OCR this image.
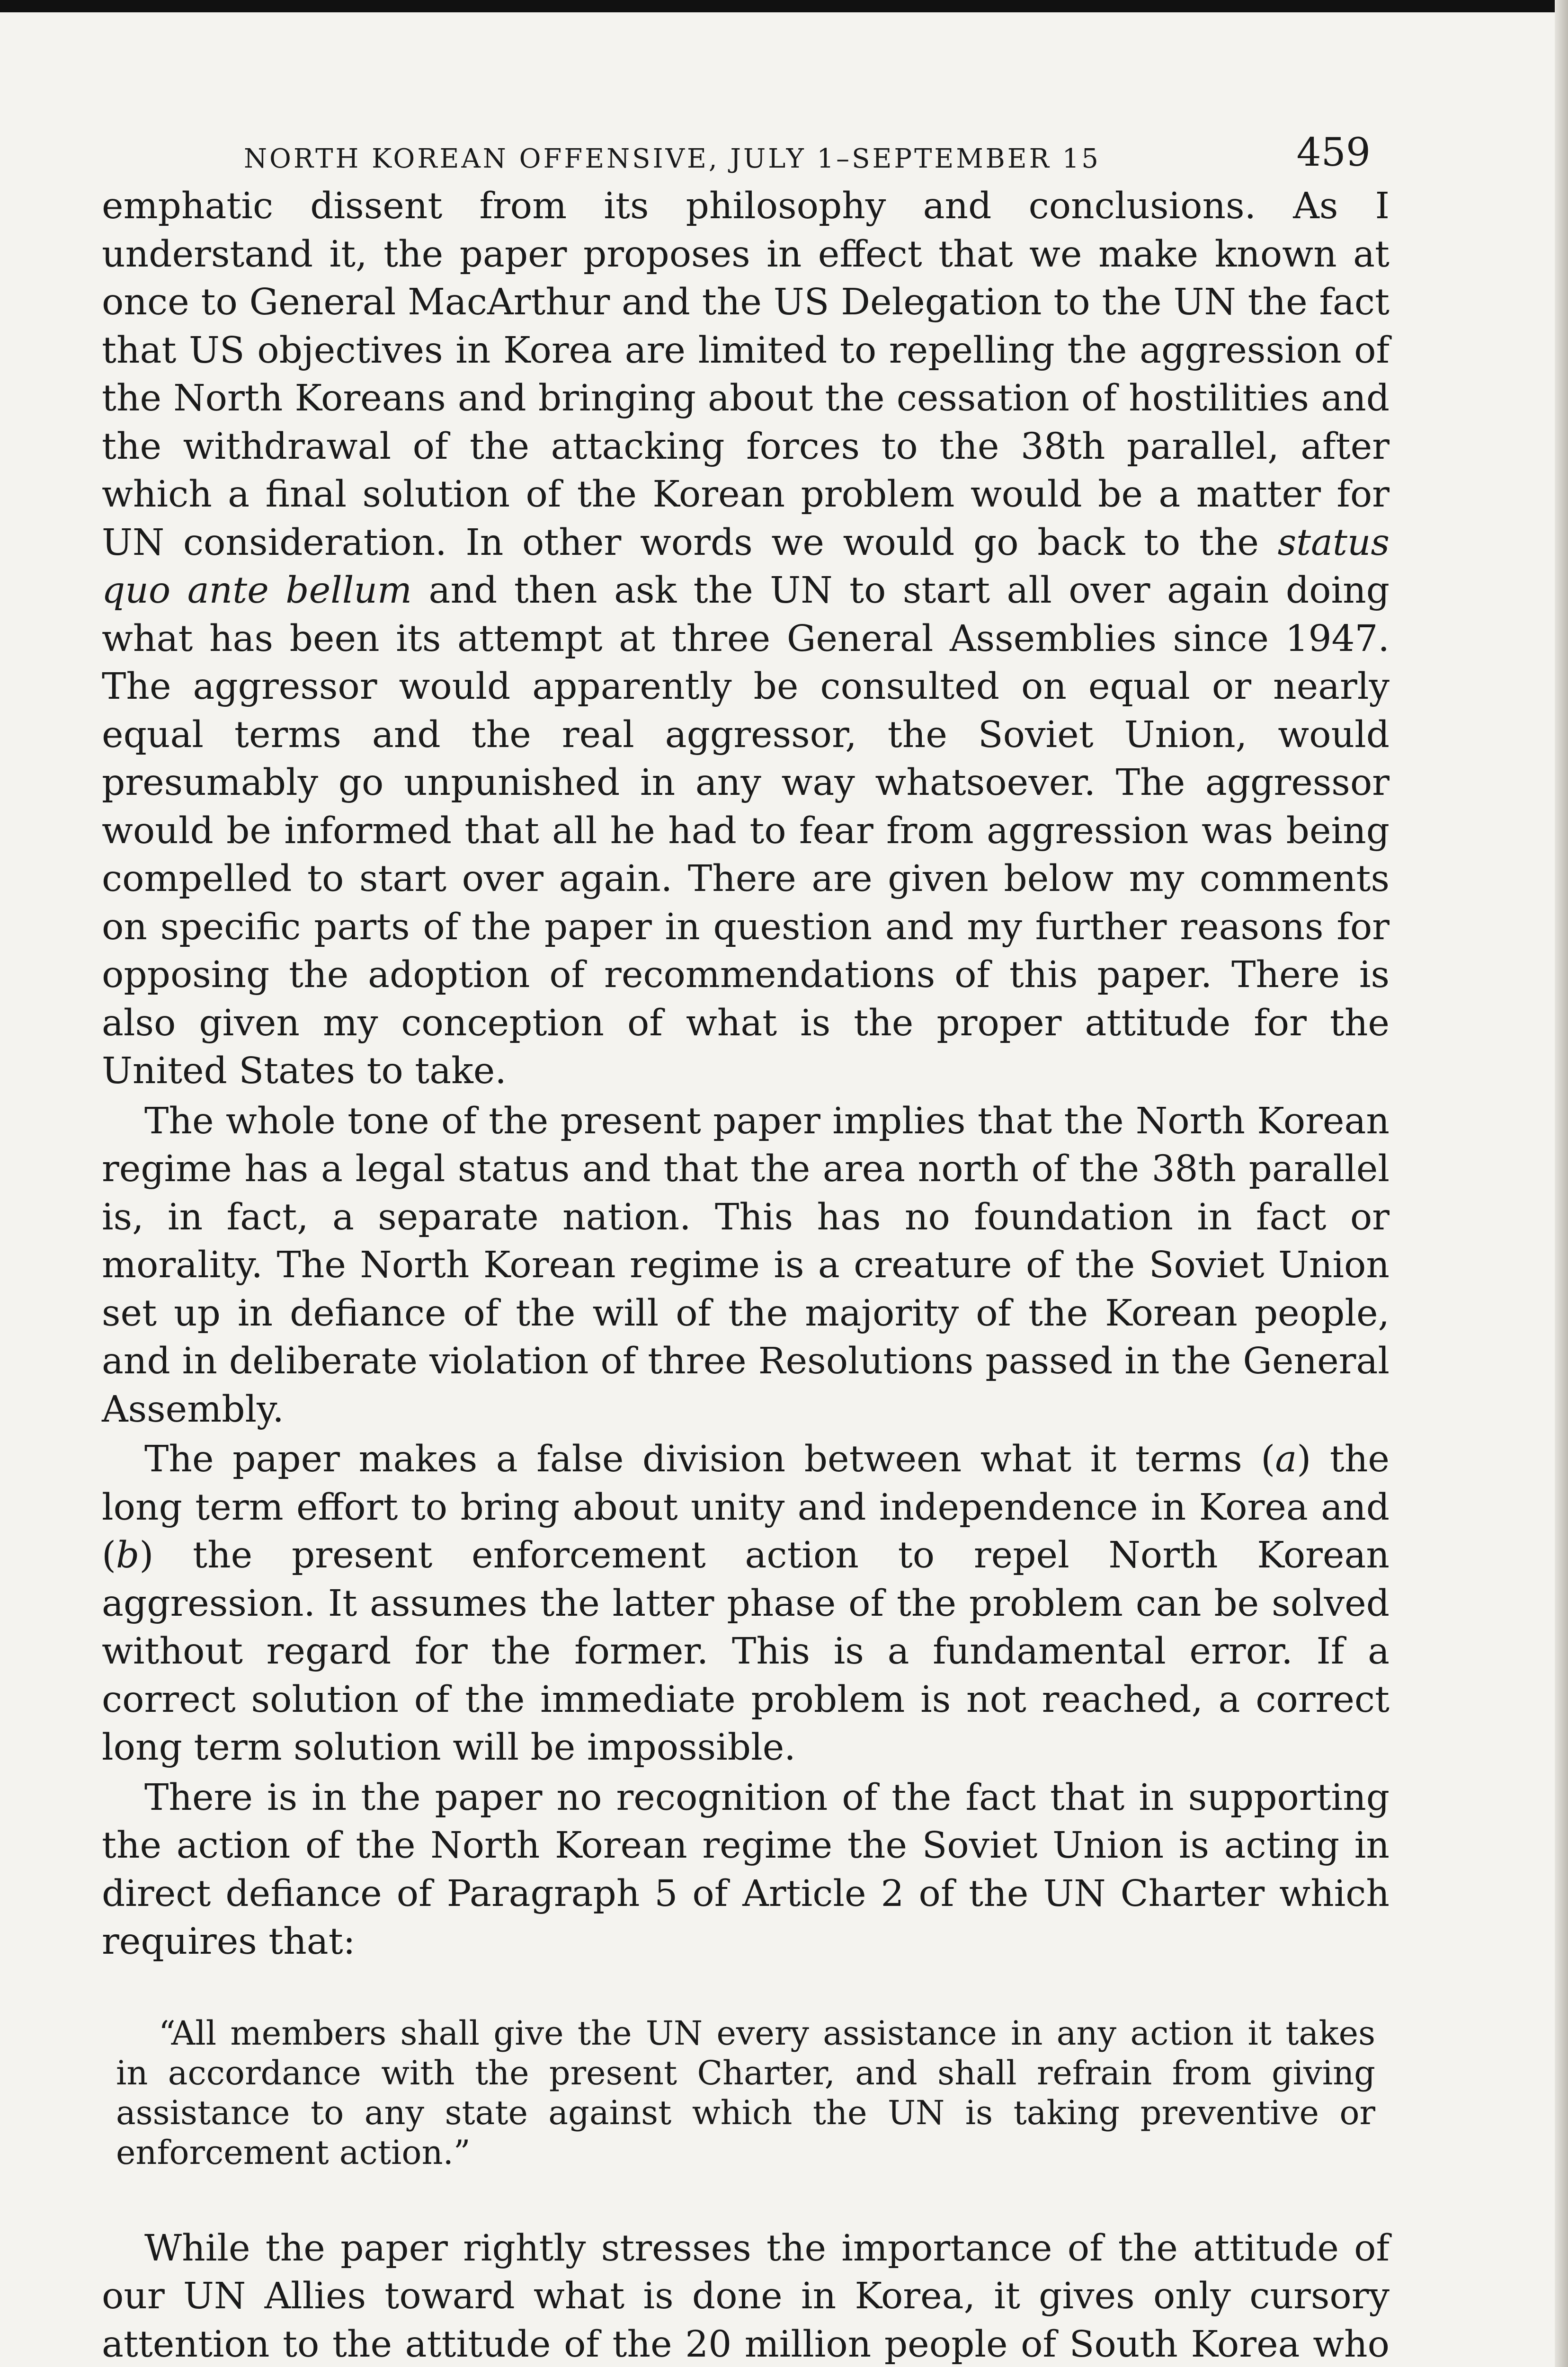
NORTH KOREAN OFFENSIVE, JULY 1–SEPTEMBER 15	459

emphatic dissent from its philosophy and conclusions. As I understand it, the paper proposes in effect that we make known at once to General MacArthur and the US Delegation to the UN the fact that US objectives in Korea are limited to repelling the aggression of the North Koreans and bringing about the cessation of hostilities and the withdrawal of the attacking forces to the 38th parallel, after which a final solution of the Korean problem would be a matter for UN consideration. In other words we would go back to the status quo ante bellum and then ask the UN to start all over again doing what has been its attempt at three General Assemblies since 1947. The aggressor would apparently be consulted on equal or nearly equal terms and the real aggressor, the Soviet Union, would presumably go unpunished in any way whatsoever. The aggressor would be informed that all he had to fear from aggression was being compelled to start over again. There are given below my comments on specific parts of the paper in question and my further reasons for opposing the adoption of recommendations of this paper. There is also given my conception of what is the proper attitude for the United States to take.

The whole tone of the present paper implies that the North Korean regime has a legal status and that the area north of the 38th parallel is, in fact, a separate nation. This has no foundation in fact or morality. The North Korean regime is a creature of the Soviet Union set up in defiance of the will of the majority of the Korean people, and in deliberate violation of three Resolutions passed in the General Assembly.

The paper makes a false division between what it terms (a) the long term effort to bring about unity and independence in Korea and (b) the present enforcement action to repel North Korean aggression. It assumes the latter phase of the problem can be solved without regard for the former. This is a fundamental error. If a correct solution of the immediate problem is not reached, a correct long term solution will be impossible.

There is in the paper no recognition of the fact that in supporting the action of the North Korean regime the Soviet Union is acting in direct defiance of Paragraph 5 of Article 2 of the UN Charter which requires that:

“All members shall give the UN every assistance in any action it takes in accordance with the present Charter, and shall refrain from giving assistance to any state against which the UN is taking preventive or enforcement action.”

While the paper rightly stresses the importance of the attitude of our UN Allies toward what is done in Korea, it gives only cursory attention to the attitude of the 20 million people of South Korea who
